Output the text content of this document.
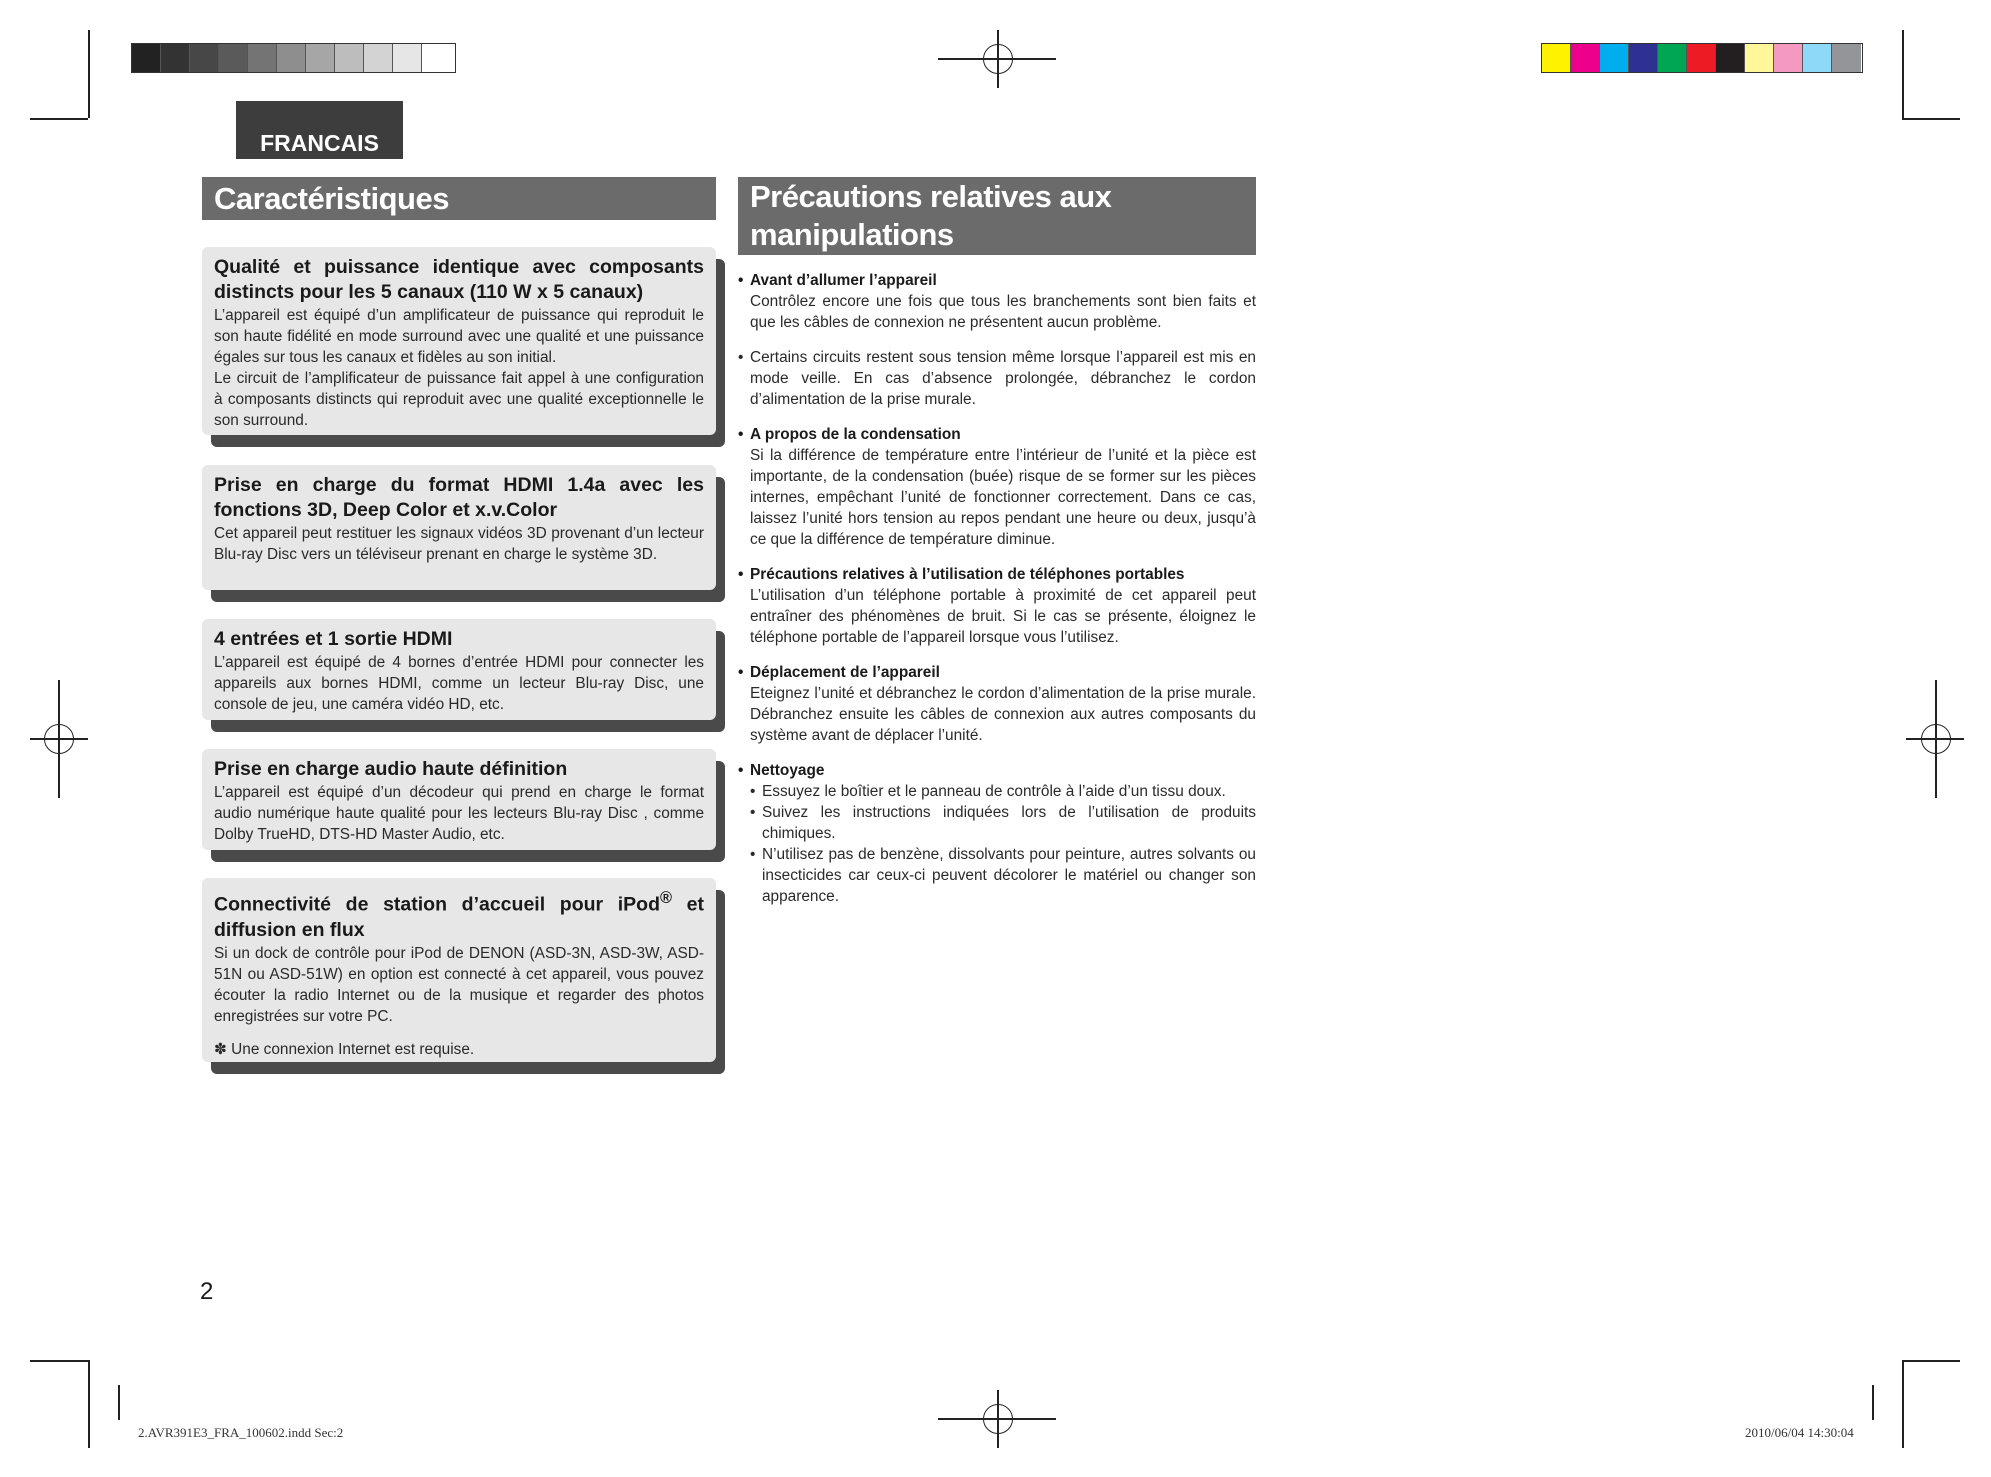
FRANCAIS
Caractéristiques

Qualité et puissance identique avec composants distincts pour les 5 canaux (110 W x 5 canaux)

L’appareil est équipé d’un amplificateur de puissance qui reproduit le son haute fidélité en mode surround avec une qualité et une puissance égales sur tous les canaux et fidèles au son initial.

Le circuit de l’amplificateur de puissance fait appel à une configuration à composants distincts qui reproduit avec une qualité exceptionnelle le son surround.

Prise en charge du format HDMI 1.4a avec les fonctions 3D, Deep Color et x.v.Color

Cet appareil peut restituer les signaux vidéos 3D provenant d’un lecteur Blu-ray Disc vers un téléviseur prenant en charge le système 3D.

4 entrées et 1 sortie HDMI

L’appareil est équipé de 4 bornes d’entrée HDMI pour connecter les appareils aux bornes HDMI, comme un lecteur Blu-ray Disc, une console de jeu, une caméra vidéo HD, etc.

Prise en charge audio haute définition

L’appareil est équipé d’un décodeur qui prend en charge le format audio numérique haute qualité pour les lecteurs Blu-ray Disc , comme Dolby TrueHD, DTS-HD Master Audio, etc.

Connectivité de station d’accueil pour iPod® et diffusion en flux

Si un dock de contrôle pour iPod de DENON (ASD-3N, ASD-3W, ASD-51N ou ASD-51W) en option est connecté à cet appareil, vous pouvez écouter la radio Internet ou de la musique et regarder des photos enregistrées sur votre PC.

✽ Une connexion Internet est requise.

Précautions relatives aux
manipulations
• Avant d’allumer l’appareil

Contrôlez encore une fois que tous les branchements sont bien faits et que les câbles de connexion ne présentent aucun problème.

• Certains circuits restent sous tension même lorsque l’appareil est mis en mode veille. En cas d’absence prolongée, débranchez le cordon d’alimentation de la prise murale.
• A propos de la condensation

Si la différence de température entre l’intérieur de l’unité et la pièce est importante, de la condensation (buée) risque de se former sur les pièces internes, empêchant l’unité de fonctionner correctement. Dans ce cas, laissez l’unité hors tension au repos pendant une heure ou deux, jusqu’à ce que la différence de température diminue.

• Précautions relatives à l’utilisation de téléphones portables

L’utilisation d’un téléphone portable à proximité de cet appareil peut entraîner des phénomènes de bruit. Si le cas se présente, éloignez le téléphone portable de l’appareil lorsque vous l’utilisez.

• Déplacement de l’appareil

Eteignez l’unité et débranchez le cordon d’alimentation de la prise murale. Débranchez ensuite les câbles de connexion aux autres composants du système avant de déplacer l’unité.

• Nettoyage
• Essuyez le boîtier et le panneau de contrôle à l’aide d’un tissu doux.
• Suivez les instructions indiquées lors de l’utilisation de produits chimiques.
• N’utilisez pas de benzène, dissolvants pour peinture, autres solvants ou insecticides car ceux-ci peuvent décolorer le matériel ou changer son apparence.
2
2.AVR391E3_FRA_100602.indd Sec:2	2010/06/04 14:30:04
